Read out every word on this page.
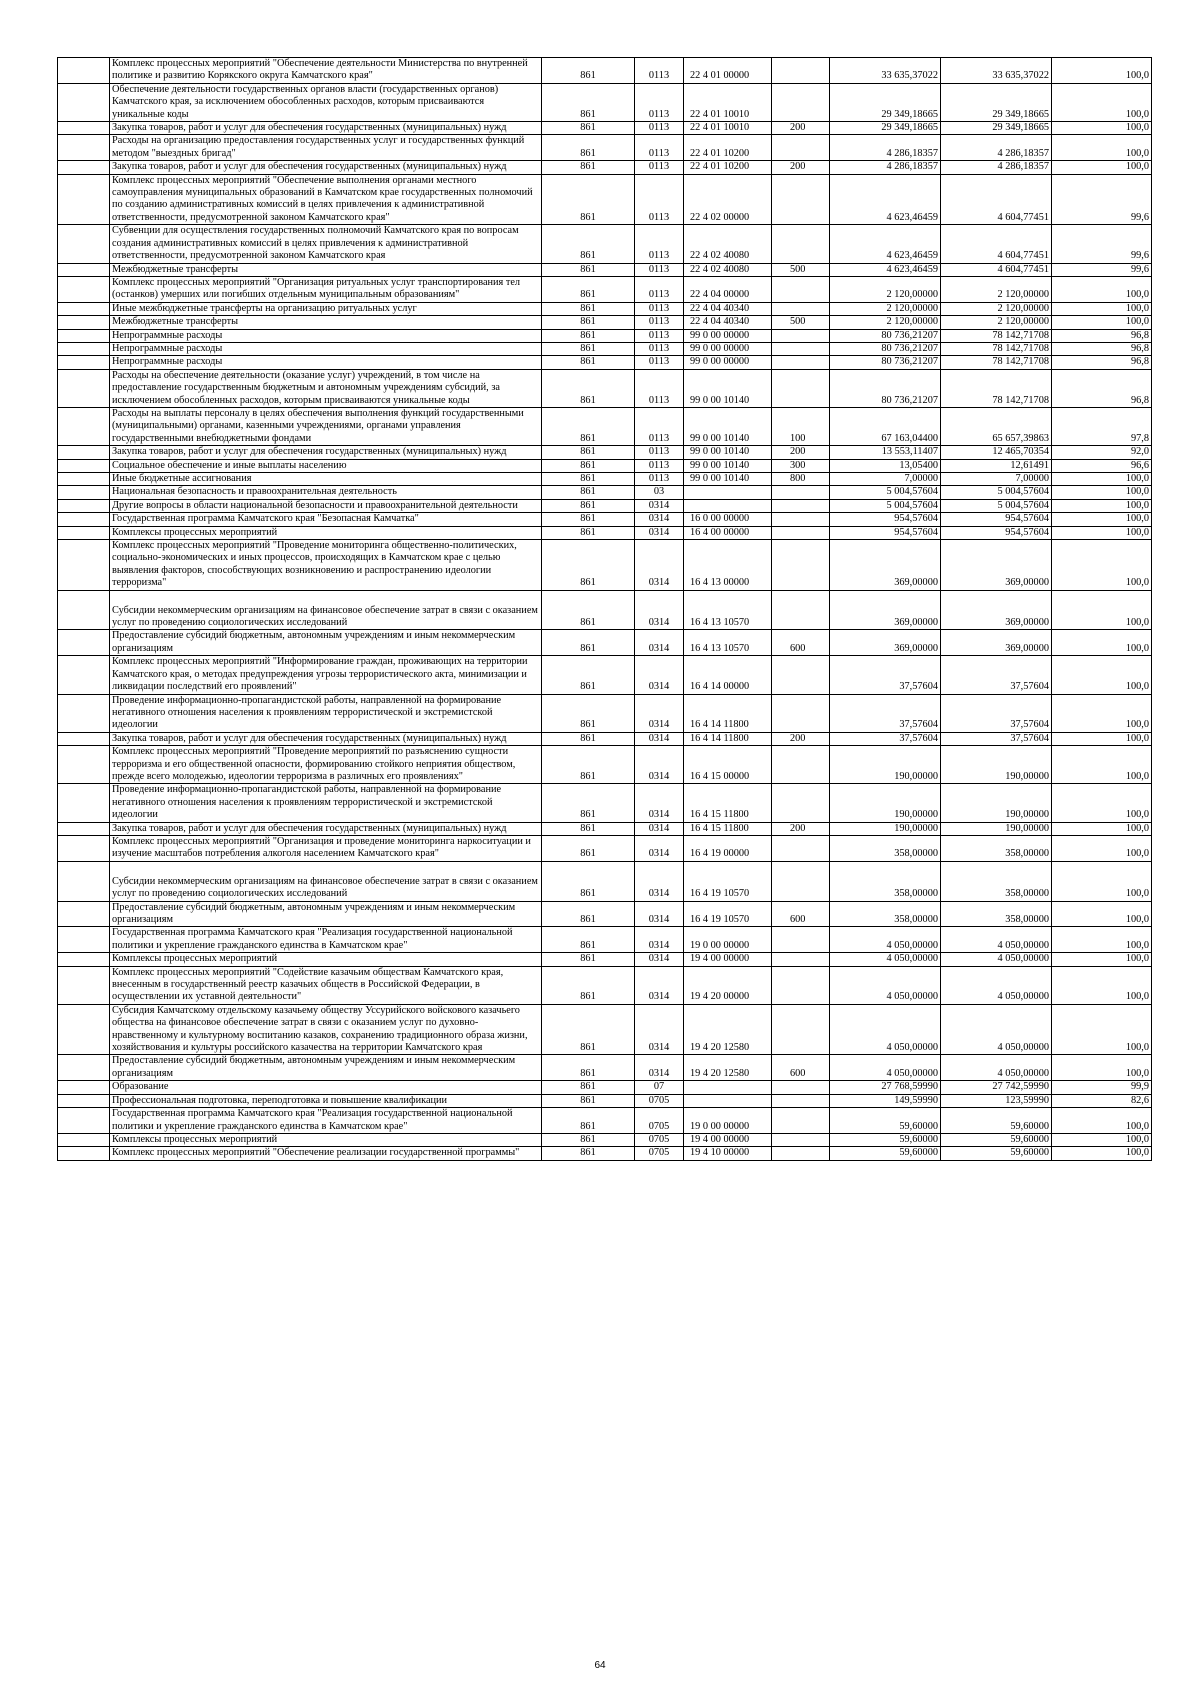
	Комплекс процессных мероприятий "Обеспечение деятельности Министерства по внутренней политике и развитию Корякского округа Камчатского края"	861	0113	22 4 01 00000		33 635,37022	33 635,37022	100,0
	Обеспечение деятельности государственных органов власти (государственных органов) Камчатского края, за исключением обособленных расходов, которым присваиваются уникальные коды	861	0113	22 4 01 10010		29 349,18665	29 349,18665	100,0
	Закупка товаров, работ и услуг для обеспечения государственных (муниципальных) нужд	861	0113	22 4 01 10010	200	29 349,18665	29 349,18665	100,0
	Расходы на организацию предоставления государственных услуг и государственных функций методом "выездных бригад"	861	0113	22 4 01 10200		4 286,18357	4 286,18357	100,0
	Закупка товаров, работ и услуг для обеспечения государственных (муниципальных) нужд	861	0113	22 4 01 10200	200	4 286,18357	4 286,18357	100,0
	Комплекс процессных мероприятий "Обеспечение выполнения органами местного самоуправления муниципальных образований в Камчатском крае государственных полномочий по созданию административных комиссий в целях привлечения к административной ответственности, предусмотренной законом Камчатского края"	861	0113	22 4 02 00000		4 623,46459	4 604,77451	99,6
	Субвенции для осуществления государственных полномочий Камчатского края по вопросам создания административных комиссий в целях привлечения к административной ответственности, предусмотренной законом Камчатского края	861	0113	22 4 02 40080		4 623,46459	4 604,77451	99,6
	Межбюджетные трансферты	861	0113	22 4 02 40080	500	4 623,46459	4 604,77451	99,6
	Комплекс процессных мероприятий "Организация ритуальных услуг транспортирования тел (останков) умерших или погибших отдельным муниципальным образованиям"	861	0113	22 4 04 00000		2 120,00000	2 120,00000	100,0
	Иные межбюджетные трансферты на организацию ритуальных услуг	861	0113	22 4 04 40340		2 120,00000	2 120,00000	100,0
	Межбюджетные трансферты	861	0113	22 4 04 40340	500	2 120,00000	2 120,00000	100,0
	Непрограммные расходы	861	0113	99 0 00 00000		80 736,21207	78 142,71708	96,8
	Непрограммные расходы	861	0113	99 0 00 00000		80 736,21207	78 142,71708	96,8
	Непрограммные расходы	861	0113	99 0 00 00000		80 736,21207	78 142,71708	96,8
	Расходы на обеспечение деятельности (оказание услуг) учреждений, в том числе на предоставление государственным бюджетным и автономным учреждениям субсидий, за исключением обособленных расходов, которым присваиваются уникальные коды	861	0113	99 0 00 10140		80 736,21207	78 142,71708	96,8
	Расходы на выплаты персоналу в целях обеспечения выполнения функций государственными (муниципальными) органами, казенными учреждениями, органами управления государственными внебюджетными фондами	861	0113	99 0 00 10140	100	67 163,04400	65 657,39863	97,8
	Закупка товаров, работ и услуг для обеспечения государственных (муниципальных) нужд	861	0113	99 0 00 10140	200	13 553,11407	12 465,70354	92,0
	Социальное обеспечение и иные выплаты населению	861	0113	99 0 00 10140	300	13,05400	12,61491	96,6
	Иные бюджетные ассигнования	861	0113	99 0 00 10140	800	7,00000	7,00000	100,0
	Национальная безопасность и правоохранительная деятельность	861	03			5 004,57604	5 004,57604	100,0
	Другие вопросы в области национальной безопасности и правоохранительной деятельности	861	0314			5 004,57604	5 004,57604	100,0
	Государственная программа Камчатского края "Безопасная Камчатка"	861	0314	16 0 00 00000		954,57604	954,57604	100,0
	Комплексы процессных мероприятий	861	0314	16 4 00 00000		954,57604	954,57604	100,0
	Комплекс процессных мероприятий "Проведение мониторинга общественно-политических, социально-экономических и иных процессов, происходящих в Камчатском крае с целью выявления факторов, способствующих возникновению и распространению идеологии терроризма"	861	0314	16 4 13 00000		369,00000	369,00000	100,0
	Субсидии некоммерческим организациям на финансовое обеспечение затрат в связи с оказанием услуг по проведению социологических исследований	861	0314	16 4 13 10570		369,00000	369,00000	100,0
	Предоставление субсидий бюджетным, автономным учреждениям и иным некоммерческим организациям	861	0314	16 4 13 10570	600	369,00000	369,00000	100,0
	Комплекс процессных мероприятий "Информирование граждан, проживающих на территории Камчатского края, о методах предупреждения угрозы террористического акта, минимизации и ликвидации последствий его проявлений"	861	0314	16 4 14 00000		37,57604	37,57604	100,0
	Проведение информационно-пропагандистской работы, направленной на формирование негативного отношения населения к проявлениям террористической и экстремистской идеологии	861	0314	16 4 14 11800		37,57604	37,57604	100,0
	Закупка товаров, работ и услуг для обеспечения государственных (муниципальных) нужд	861	0314	16 4 14 11800	200	37,57604	37,57604	100,0
	Комплекс процессных мероприятий "Проведение мероприятий по разъяснению сущности терроризма и его общественной опасности, формированию стойкого неприятия обществом, прежде всего молодежью, идеологии терроризма в различных его проявлениях"	861	0314	16 4 15 00000		190,00000	190,00000	100,0
	Проведение информационно-пропагандистской работы, направленной на формирование негативного отношения населения к проявлениям террористической и экстремистской идеологии	861	0314	16 4 15 11800		190,00000	190,00000	100,0
	Закупка товаров, работ и услуг для обеспечения государственных (муниципальных) нужд	861	0314	16 4 15 11800	200	190,00000	190,00000	100,0
	Комплекс процессных мероприятий "Организация и проведение мониторинга наркоситуации и изучение масштабов потребления алкоголя населением Камчатского края"	861	0314	16 4 19 00000		358,00000	358,00000	100,0
	Субсидии некоммерческим организациям на финансовое обеспечение затрат в связи с оказанием услуг по проведению социологических исследований	861	0314	16 4 19 10570		358,00000	358,00000	100,0
	Предоставление субсидий бюджетным, автономным учреждениям и иным некоммерческим организациям	861	0314	16 4 19 10570	600	358,00000	358,00000	100,0
	Государственная программа Камчатского края "Реализация государственной национальной политики и укрепление гражданского единства в Камчатском крае"	861	0314	19 0 00 00000		4 050,00000	4 050,00000	100,0
	Комплексы процессных мероприятий	861	0314	19 4 00 00000		4 050,00000	4 050,00000	100,0
	Комплекс процессных мероприятий "Содействие казачьим обществам Камчатского края, внесенным в государственный реестр казачьих обществ в Российской Федерации, в осуществлении их уставной деятельности"	861	0314	19 4 20 00000		4 050,00000	4 050,00000	100,0
	Субсидия Камчатскому отдельскому казачьему обществу Уссурийского войскового казачьего общества на финансовое обеспечение затрат в связи с оказанием услуг по духовно-нравственному и культурному воспитанию казаков, сохранению традиционного образа жизни, хозяйствования и культуры российского казачества на территории Камчатского края	861	0314	19 4 20 12580		4 050,00000	4 050,00000	100,0
	Предоставление субсидий бюджетным, автономным учреждениям и иным некоммерческим организациям	861	0314	19 4 20 12580	600	4 050,00000	4 050,00000	100,0
	Образование	861	07			27 768,59990	27 742,59990	99,9
	Профессиональная подготовка, переподготовка и повышение квалификации	861	0705			149,59990	123,59990	82,6
	Государственная программа Камчатского края "Реализация государственной национальной политики и укрепление гражданского единства в Камчатском крае"	861	0705	19 0 00 00000		59,60000	59,60000	100,0
	Комплексы процессных мероприятий	861	0705	19 4 00 00000		59,60000	59,60000	100,0
	Комплекс процессных мероприятий "Обеспечение реализации государственной программы"	861	0705	19 4 10 00000		59,60000	59,60000	100,0
64
